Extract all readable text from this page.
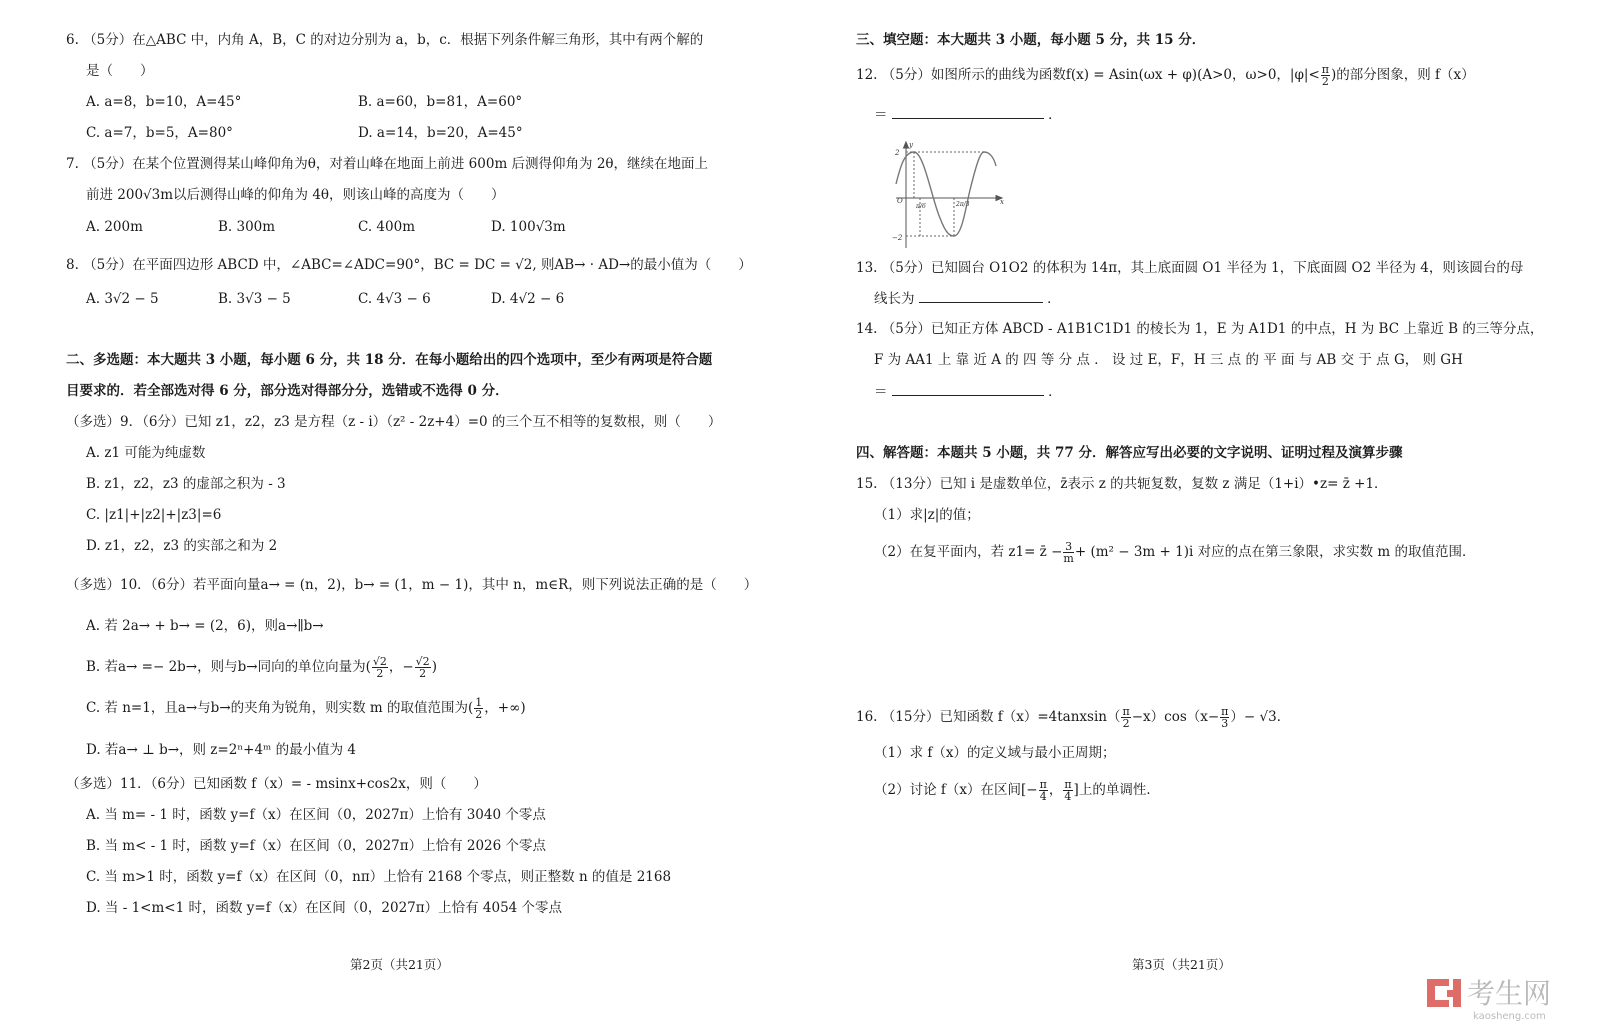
6. （5分）在△ABC 中，内角 A，B，C 的对边分别为 a，b，c．根据下列条件解三角形，其中有两个解的
是（　　）
A. a=8，b=10，A=45°	B. a=60，b=81，A=60°
C. a=7，b=5，A=80°	D. a=14，b=20，A=45°
7. （5分）在某个位置测得某山峰仰角为θ，对着山峰在地面上前进 600m 后测得仰角为 2θ，继续在地面上
前进 200√3m以后测得山峰的仰角为 4θ，则该山峰的高度为（　　）
A. 200m	B. 300m	C. 400m	D. 100√3m
8. （5分）在平面四边形 ABCD 中，∠ABC=∠ADC=90°，BC = DC = √2, 则AB→ · AD→的最小值为（　　）
A. 3√2 − 5	B. 3√3 − 5	C. 4√3 − 6	D. 4√2 − 6
二、多选题：本大题共 3 小题，每小题 6 分，共 18 分．在每小题给出的四个选项中，至少有两项是符合题
目要求的．若全部选对得 6 分，部分选对得部分分，选错或不选得 0 分．
（多选）9．（6分）已知 z1，z2，z3 是方程（z - i）（z² - 2z+4）=0 的三个互不相等的复数根，则（　　）
A. z1 可能为纯虚数
B. z1，z2，z3 的虚部之积为 - 3
C. |z1|+|z2|+|z3|=6
D. z1，z2，z3 的实部之和为 2
（多选）10．（6分）若平面向量a→ = (n，2)，b→ = (1，m − 1)，其中 n，m∈R，则下列说法正确的是（　　）
A. 若 2a→ + b→ = (2，6)，则a→∥b→
B. 若a→ =− 2b→，则与b→同向的单位向量为( $\frac{√2}{2}$ ，− $\frac{√2}{2}$ )
C. 若 n=1，且a→与b→的夹角为锐角，则实数 m 的取值范围为( $\frac{1}{2}$ ，+∞)
D. 若a→ ⊥ b→，则 z=2ⁿ+4ᵐ 的最小值为 4
（多选）11．（6分）已知函数 f（x）= - msinx+cos2x，则（　　）
A. 当 m= - 1 时，函数 y=f（x）在区间（0，2027π）上恰有 3040 个零点
B. 当 m< - 1 时，函数 y=f（x）在区间（0，2027π）上恰有 2026 个零点
C. 当 m>1 时，函数 y=f（x）在区间（0，nπ）上恰有 2168 个零点，则正整数 n 的值是 2168
D. 当 - 1<m<1 时，函数 y=f（x）在区间（0，2027π）上恰有 4054 个零点
第2页（共21页）
三、填空题：本大题共 3 小题，每小题 5 分，共 15 分．
12. （5分）如图所示的曲线为函数f(x) = Asin(ωx + φ)(A>0，ω>0，$|\varphi|< \frac{\pi}{2}$ )的部分图象，则 f（x）
＝	．
13. （5分）已知圆台 O1O2 的体积为 14π，其上底面圆 O1 半径为 1，下底面圆 O2 半径为 4，则该圆台的母
线长为	．
14. （5分）已知正方体 ABCD - A1B1C1D1 的棱长为 1，E 为 A1D1 的中点，H 为 BC 上靠近 B 的三等分点，
F 为 AA1 上 靠 近 A 的 四 等 分 点 ． 设 过 E，F，H 三 点 的 平 面 与 AB 交 于 点 G， 则 GH
＝	．
四、解答题：本题共 5 小题，共 77 分．解答应写出必要的文字说明、证明过程及演算步骤
15. （13分）已知 i 是虚数单位，z̄表示 z 的共轭复数，复数 z 满足（1+i）•z= z̄ +1．
（1）求|z|的值；
（2）在复平面内，若 z1= z̄ − $\frac{3}{m} + (m^2 - 3m + 1)i$ 对应的点在第三象限，求实数 m 的取值范围．
16. （15分）已知函数 f（x）=4tanxsin（ $\frac{\pi}{2} -x)\cos(x- \frac{\pi}{3}$ ）− √3．
（1）求 f（x）的定义域与最小正周期；
（2）讨论 f（x）在区间[− $\frac{\pi}{4}$ ， $\frac{\pi}{4}$ ]上的单调性．
第3页（共21页）
2
−2
O	x
y
π/6	2π/3
考生网
kaosheng.com
